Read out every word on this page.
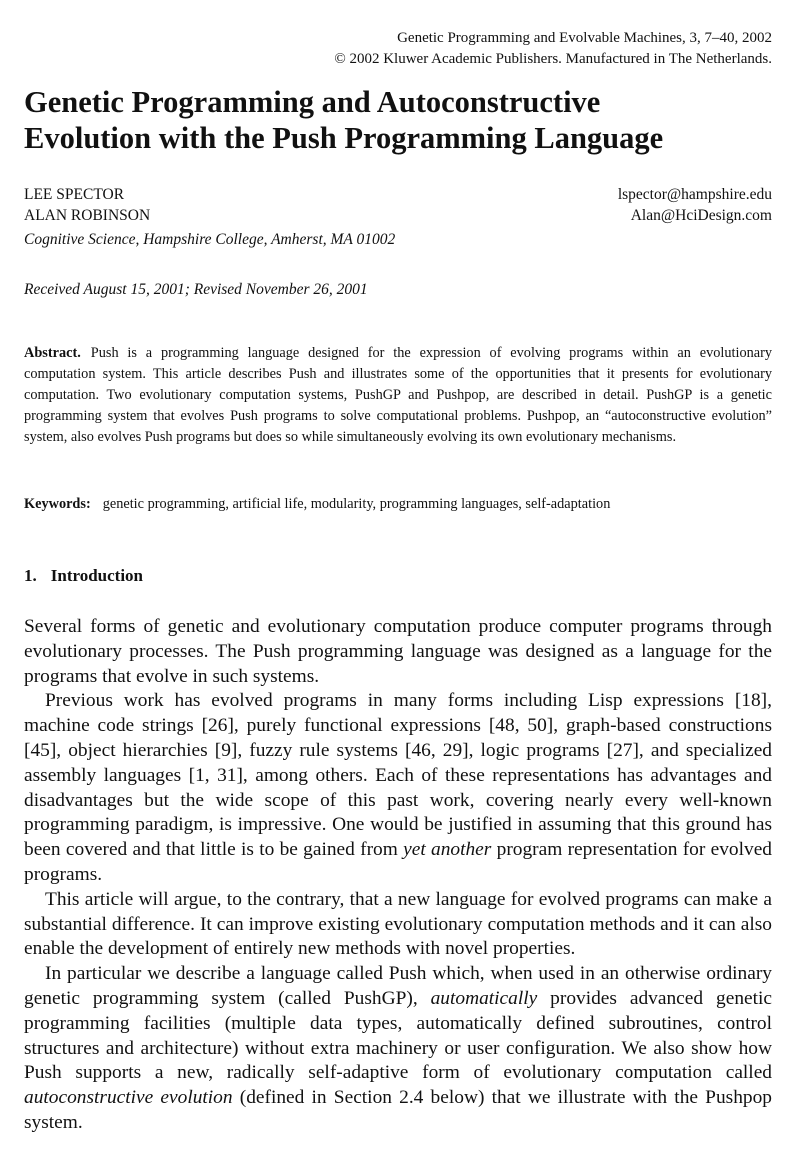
Genetic Programming and Evolvable Machines, 3, 7–40, 2002
© 2002 Kluwer Academic Publishers. Manufactured in The Netherlands.
Genetic Programming and Autoconstructive
Evolution with the Push Programming Language
LEE SPECTOR	lspector@hampshire.edu
ALAN ROBINSON	Alan@HciDesign.com
Cognitive Science, Hampshire College, Amherst, MA 01002
Received August 15, 2001; Revised November 26, 2001
Abstract. Push is a programming language designed for the expression of evolving programs within an evolutionary computation system. This article describes Push and illustrates some of the opportunities that it presents for evolutionary computation. Two evolutionary computation systems, PushGP and Pushpop, are described in detail. PushGP is a genetic programming system that evolves Push programs to solve computational problems. Pushpop, an “autoconstructive evolution” system, also evolves Push programs but does so while simultaneously evolving its own evolutionary mechanisms.
Keywords: genetic programming, artificial life, modularity, programming languages, self-adaptation
1. Introduction

Several forms of genetic and evolutionary computation produce computer programs through evolutionary processes. The Push programming language was designed as a language for the programs that evolve in such systems.

Previous work has evolved programs in many forms including Lisp expressions [18], machine code strings [26], purely functional expressions [48, 50], graph-based constructions [45], object hierarchies [9], fuzzy rule systems [46, 29], logic programs [27], and specialized assembly languages [1, 31], among others. Each of these representations has advantages and disadvantages but the wide scope of this past work, covering nearly every well-known programming paradigm, is impressive. One would be justified in assuming that this ground has been covered and that little is to be gained from yet another program representation for evolved programs.

This article will argue, to the contrary, that a new language for evolved programs can make a substantial difference. It can improve existing evolutionary computation methods and it can also enable the development of entirely new methods with novel properties.

In particular we describe a language called Push which, when used in an otherwise ordinary genetic programming system (called PushGP), automatically provides advanced genetic programming facilities (multiple data types, automatically defined subroutines, control structures and architecture) without extra machinery or user configuration. We also show how Push supports a new, radically self-adaptive form of evolutionary computation called autoconstructive evolution (defined in Section 2.4 below) that we illustrate with the Pushpop system.
